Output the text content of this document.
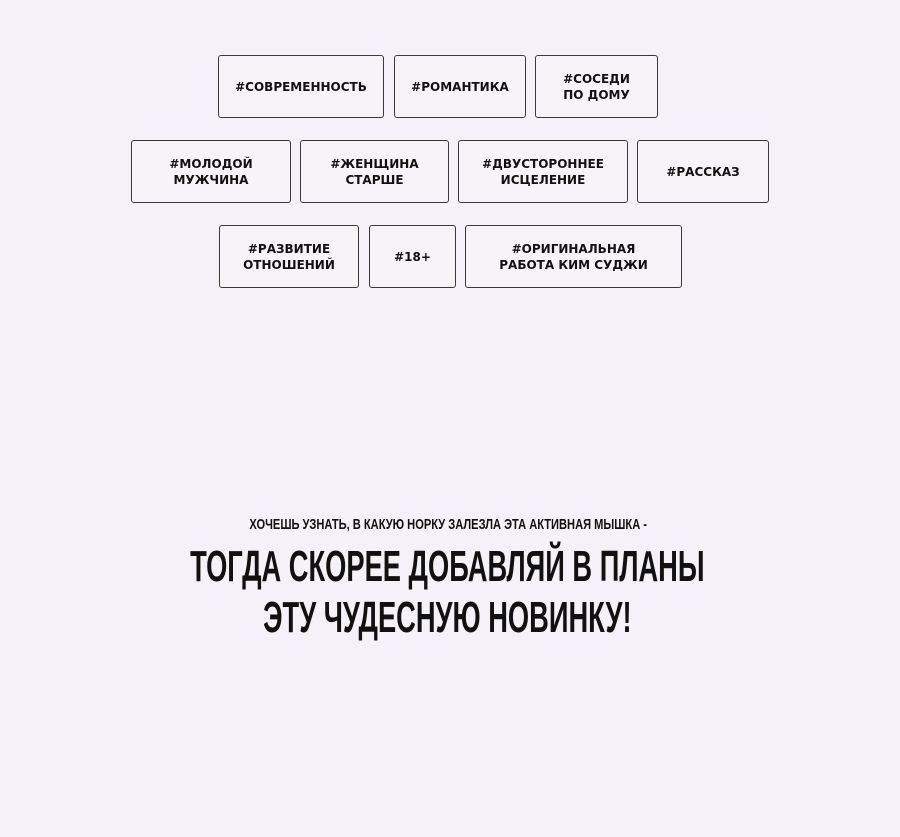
#СОВРЕМЕННОСТЬ	#РОМАНТИКА
#СОСЕДИ
ПО ДОМУ
#МОЛОДОЙ
МУЖЧИНА
#ЖЕНЩИНА
СТАРШЕ
#ДВУСТОРОННЕЕ
ИСЦЕЛЕНИЕ
#РАССКАЗ
#РАЗВИТИЕ
ОТНОШЕНИЙ
#18+
#ОРИГИНАЛЬНАЯ
РАБОТА КИМ СУДЖИ
ХОЧЕШЬ УЗНАТЬ, В КАКУЮ НОРКУ ЗАЛЕЗЛА ЭТА АКТИВНАЯ МЫШКА -
ТОГДА СКОРЕЕ ДОБАВЛЯЙ В ПЛАНЫ
ЭТУ ЧУДЕСНУЮ НОВИНКУ!
